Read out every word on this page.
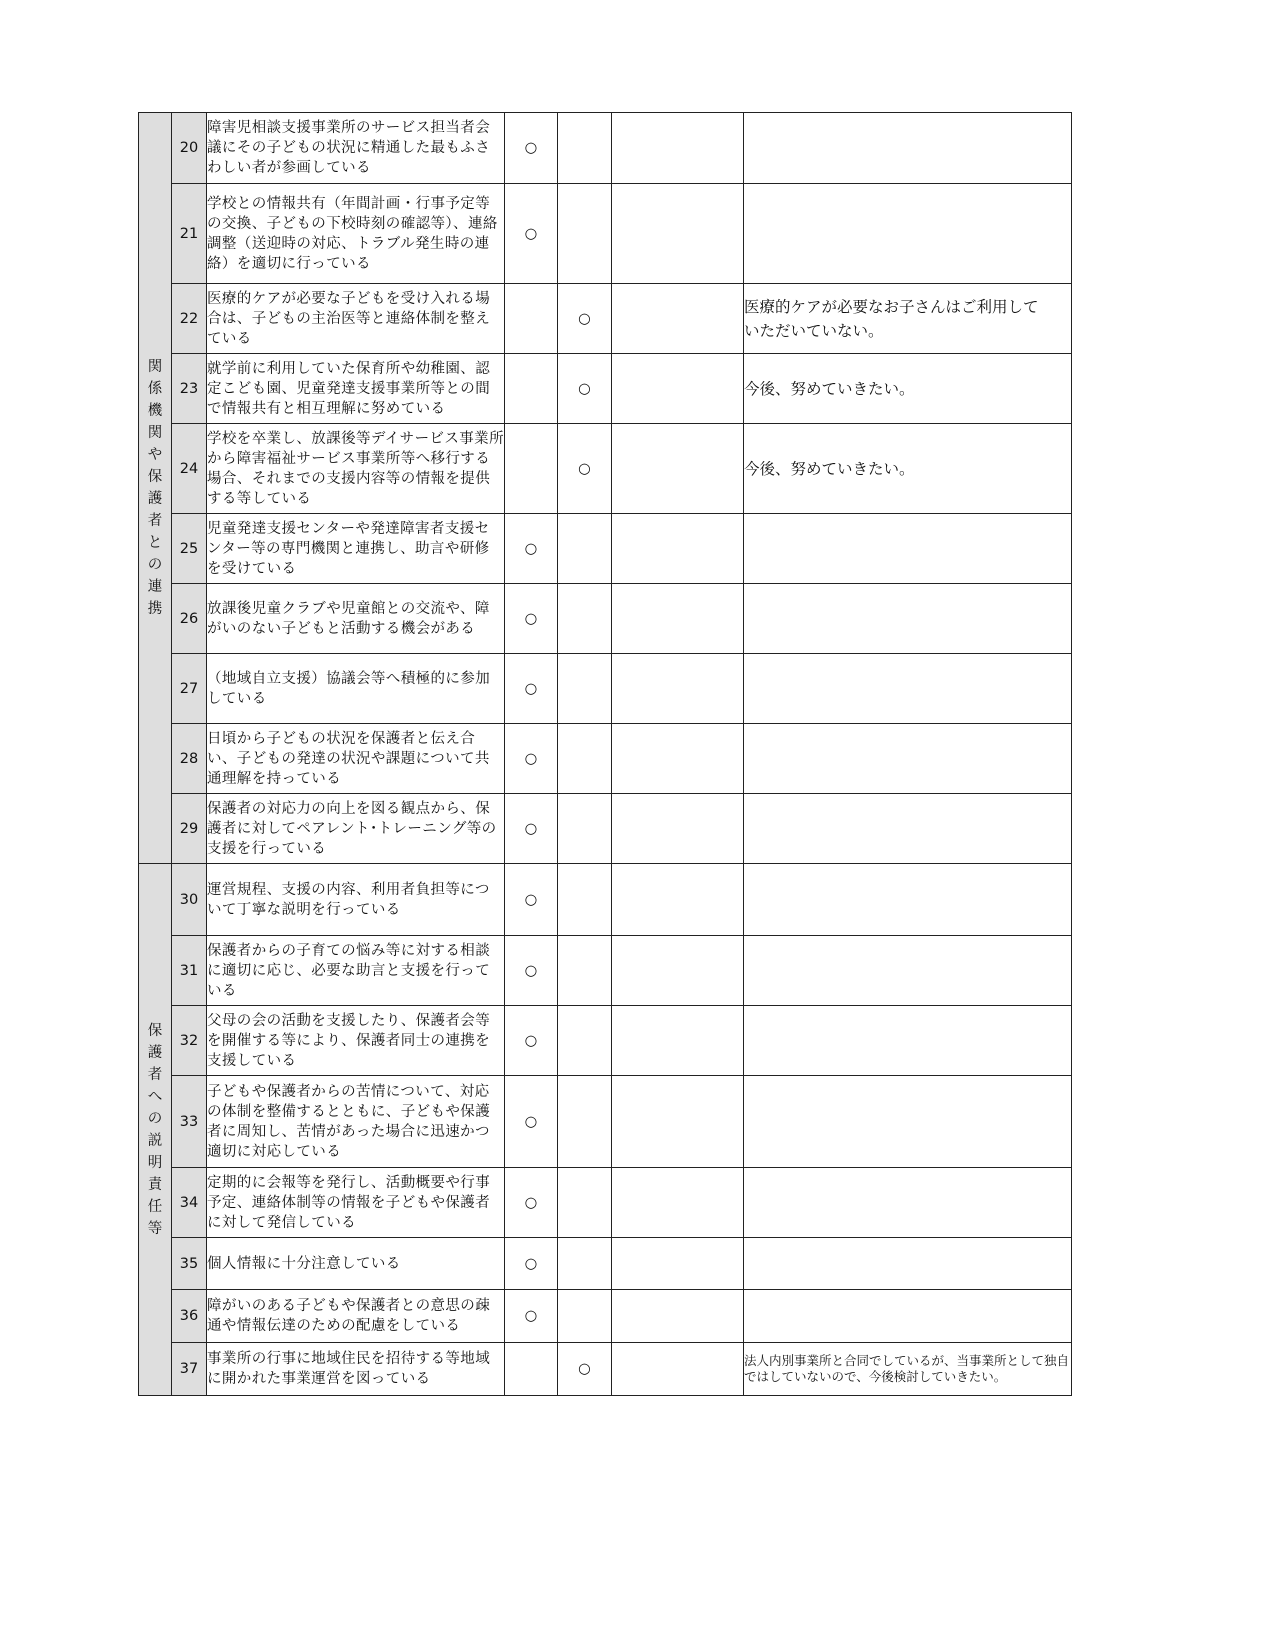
関係機関や保護者との連携	20	障害児相談支援事業所のサービス担当者会議にその子どもの状況に精通した最もふさわしい者が参画している	○			
	21	学校との情報共有（年間計画・行事予定等の交換、子どもの下校時刻の確認等）、連絡調整（送迎時の対応、トラブル発生時の連絡）を適切に行っている	○			
	22	医療的ケアが必要な子どもを受け入れる場合は、子どもの主治医等と連絡体制を整えている		○		医療的ケアが必要なお子さんはご利用して
いただいていない。
	23	就学前に利用していた保育所や幼稚園、認定こども園、児童発達支援事業所等との間で情報共有と相互理解に努めている		○		今後、努めていきたい。
	24	学校を卒業し、放課後等デイサービス事業所から障害福祉サービス事業所等へ移行する場合、それまでの支援内容等の情報を提供する等している		○		今後、努めていきたい。
	25	児童発達支援センターや発達障害者支援センター等の専門機関と連携し、助言や研修を受けている	○			
	26	放課後児童クラブや児童館との交流や、障がいのない子どもと活動する機会がある	○			
	27	（地域自立支援）協議会等へ積極的に参加している	○			
	28	日頃から子どもの状況を保護者と伝え合い、子どもの発達の状況や課題について共通理解を持っている	○			
	29	保護者の対応力の向上を図る観点から、保護者に対してペアレント･トレーニング等の支援を行っている	○			
保護者への説明責任等	30	運営規程、支援の内容、利用者負担等について丁寧な説明を行っている	○			
	31	保護者からの子育ての悩み等に対する相談に適切に応じ、必要な助言と支援を行っている	○			
	32	父母の会の活動を支援したり、保護者会等を開催する等により、保護者同士の連携を支援している	○			
	33	子どもや保護者からの苦情について、対応の体制を整備するとともに、子どもや保護者に周知し、苦情があった場合に迅速かつ適切に対応している	○			
	34	定期的に会報等を発行し、活動概要や行事予定、連絡体制等の情報を子どもや保護者に対して発信している	○			
	35	個人情報に十分注意している	○			
	36	障がいのある子どもや保護者との意思の疎通や情報伝達のための配慮をしている	○			
	37	事業所の行事に地域住民を招待する等地域に開かれた事業運営を図っている		○		法人内別事業所と合同でしているが、当事業所として独自ではしていないので、今後検討していきたい。
